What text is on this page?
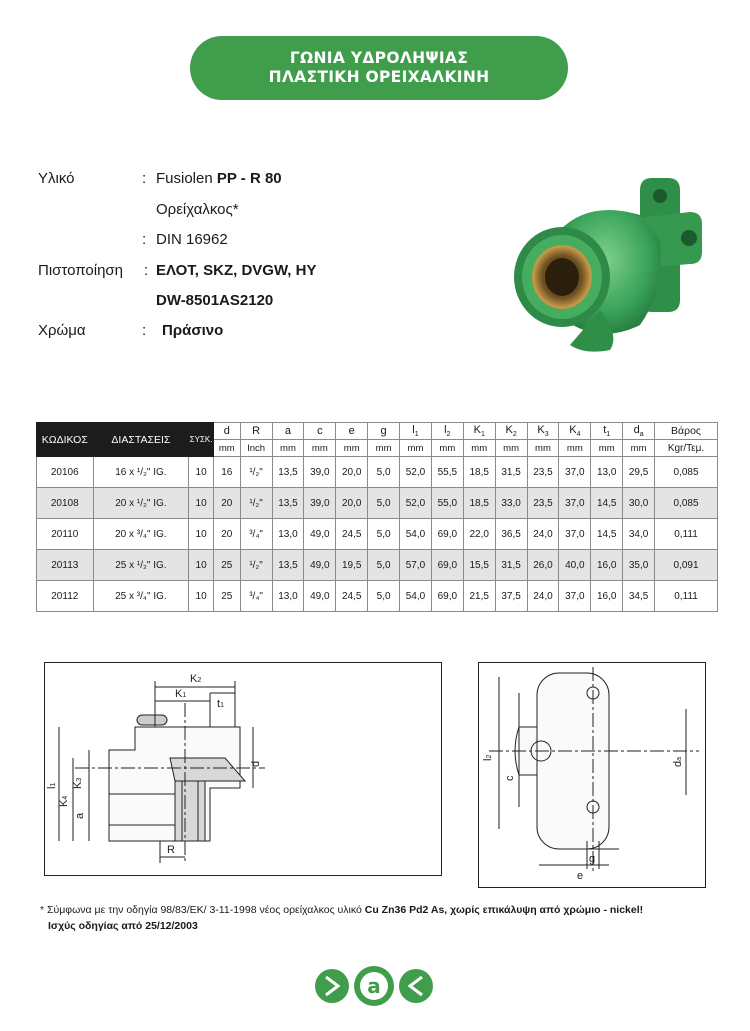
ΓΩΝΙΑ ΥΔΡΟΛΗΨΙΑΣ
ΠΛΑΣΤΙΚΗ ΟΡΕΙΧΑΛΚΙΝΗ
Υλικό	: Fusiolen PP - R 80
Ορείχαλκος*
: DIN 16962
Πιστοποίηση : ΕΛΟΤ, SKZ, DVGW, HY
DW-8501AS2120
Χρώμα	: Πράσινο
ΚΩΔΙΚΟΣ	ΔΙΑΣΤΑΣΕΙΣ	ΣΥΣΚ.	d	R	a	c	e	g	$l_1$	$l_2$	$K_1$	$K_2$	$K_3$	$K_4$	$t_1$	$d_a$	Βάρος
			mm	Inch	mm	mm	mm	mm	mm	mm	mm	mm	mm	mm	mm	mm	Kgr/Τεμ.
20106	16 x ¹/₂" IG.	10	16	¹/₂"	13,5	39,0	20,0	5,0	52,0	55,5	18,5	31,5	23,5	37,0	13,0	29,5	0,085
20108	20 x ¹/₂" IG.	10	20	¹/₂"	13,5	39,0	20,0	5,0	52,0	55,0	18,5	33,0	23,5	37,0	14,5	30,0	0,085
20110	20 x ³/₄" IG.	10	20	³/₄"	13,0	49,0	24,5	5,0	54,0	69,0	22,0	36,5	24,0	37,0	14,5	34,0	0,111
20113	25 x ¹/₂" IG.	10	25	¹/₂"	13,5	49,0	19,5	5,0	57,0	69,0	15,5	31,5	26,0	40,0	16,0	35,0	0,091
20112	25 x ³/₄" IG.	10	25	³/₄"	13,0	49,0	24,5	5,0	54,0	69,0	21,5	37,5	24,0	37,0	16,0	34,5	0,111
K2
K1
t1
l1 K3
K4
a
d
R
l2
c
da
g
e
* Σύμφωνα με την οδηγία 98/83/ΕΚ/ 3-11-1998 νέος ορείχαλκος υλικό Cu Zn36 Pd2 As, χωρίς επικάλυψη από χρώμιο - nickel!
Ισχύς οδηγίας από 25/12/2003
a
